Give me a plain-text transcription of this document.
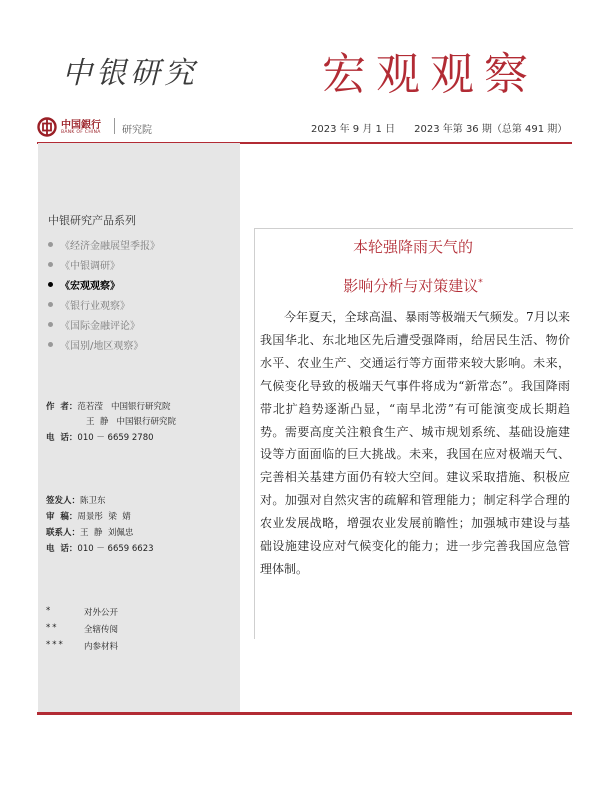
中银研究	宏观观察
中国銀行
BANK OF CHINA 研究院	2023 年 9 月 1 日      2023 年第 36 期（总第 491 期）
中银研究产品系列
《经济金融展望季报》
《中银调研》
《宏观观察》
《银行业观察》
《国际金融评论》
《国别/地区观察》
作  者：范若滢   中国银行研究院
王  静   中国银行研究院
电  话：010 － 6659 2780
签发人：陈卫东
审  稿：周景彤  梁  婧
联系人：王  静  刘佩忠
电  话：010 － 6659 6623
*	对外公开
**	全辖传阅
***	内参材料
本轮强降雨天气的
影响分析与对策建议*
今年夏天，全球高温、暴雨等极端天气频发。7月以来我国华北、东北地区先后遭受强降雨，给居民生活、物价水平、农业生产、交通运行等方面带来较大影响。未来，气候变化导致的极端天气事件将成为“新常态”。我国降雨带北扩趋势逐渐凸显，“南旱北涝”有可能演变成长期趋势。需要高度关注粮食生产、城市规划系统、基础设施建设等方面面临的巨大挑战。未来，我国在应对极端天气、完善相关基建方面仍有较大空间。建议采取措施、积极应对。加强对自然灾害的疏解和管理能力；制定科学合理的农业发展战略，增强农业发展前瞻性；加强城市建设与基础设施建设应对气候变化的能力；进一步完善我国应急管理体制。
